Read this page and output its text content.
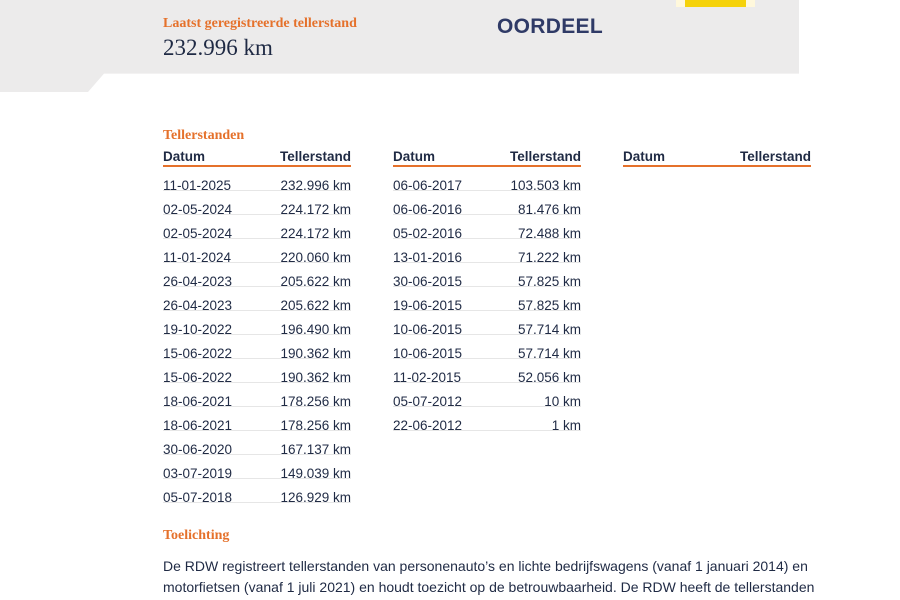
Laatst geregistreerde tellerstand
232.996 km
OORDEEL
Tellerstanden
Datum	Tellerstand
11-01-2025	232.996 km
02-05-2024	224.172 km
02-05-2024	224.172 km
11-01-2024	220.060 km
26-04-2023	205.622 km
26-04-2023	205.622 km
19-10-2022	196.490 km
15-06-2022	190.362 km
15-06-2022	190.362 km
18-06-2021	178.256 km
18-06-2021	178.256 km
30-06-2020	167.137 km
03-07-2019	149.039 km
05-07-2018	126.929 km
Datum	Tellerstand
06-06-2017	103.503 km
06-06-2016	81.476 km
05-02-2016	72.488 km
13-01-2016	71.222 km
30-06-2015	57.825 km
19-06-2015	57.825 km
10-06-2015	57.714 km
10-06-2015	57.714 km
11-02-2015	52.056 km
05-07-2012	10 km
22-06-2012	1 km
Datum	Tellerstand
Toelichting
De RDW registreert tellerstanden van personenauto’s en lichte bedrijfswagens (vanaf 1 januari 2014) en motorfietsen (vanaf 1 juli 2021) en houdt toezicht op de betrouwbaarheid. De RDW heeft de tellerstanden
